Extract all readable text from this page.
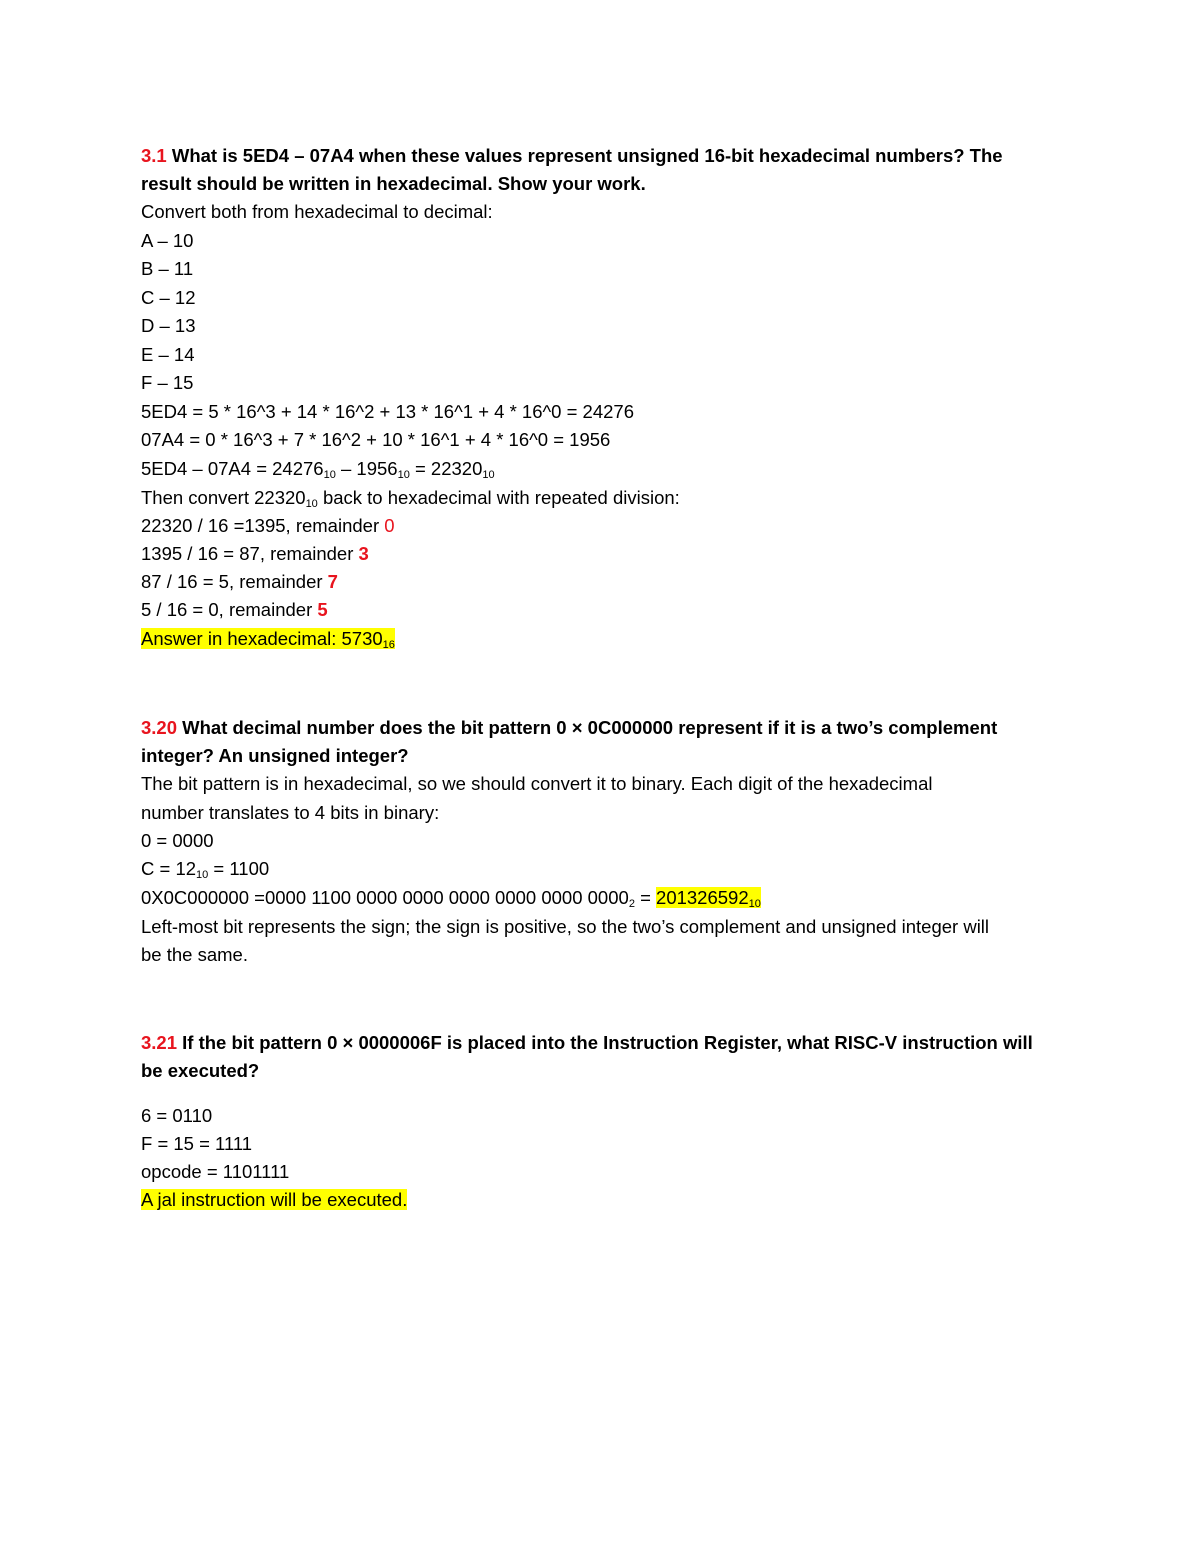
3.1 What is 5ED4 – 07A4 when these values represent unsigned 16-bit hexadecimal numbers? The
result should be written in hexadecimal. Show your work.
Convert both from hexadecimal to decimal:
A – 10
B – 11
C – 12
D – 13
E – 14
F – 15
5ED4 = 5 * 16^3 + 14 * 16^2 + 13 * 16^1 + 4 * 16^0 = 24276
07A4 = 0 * 16^3 + 7 * 16^2 + 10 * 16^1 + 4 * 16^0 = 1956
$5ED4 - 07A4 = 24276_{10} - 1956_{10} = 22320_{10}$
Then convert $22320_{10}$ back to hexadecimal with repeated division:
22320 / 16 =1395, remainder 0
1395 / 16 = 87, remainder 3
87 / 16 = 5, remainder 7
5 / 16 = 0, remainder 5
Answer in hexadecimal: $5730_{16}$
3.20 What decimal number does the bit pattern 0 × 0C000000 represent if it is a two’s complement
integer? An unsigned integer?
The bit pattern is in hexadecimal, so we should convert it to binary. Each digit of the hexadecimal
number translates to 4 bits in binary:
0 = 0000
$C = 12_{10} = 1100$
0X0C000000 =0000 1100 0000 0000 0000 0000 0000 $0000_2 = 201326592_{10}$
Left-most bit represents the sign; the sign is positive, so the two’s complement and unsigned integer will
be the same.
3.21 If the bit pattern 0 × 0000006F is placed into the Instruction Register, what RISC-V instruction will
be executed?
6 = 0110
F = 15 = 1111
opcode = 1101111
A jal instruction will be executed.
